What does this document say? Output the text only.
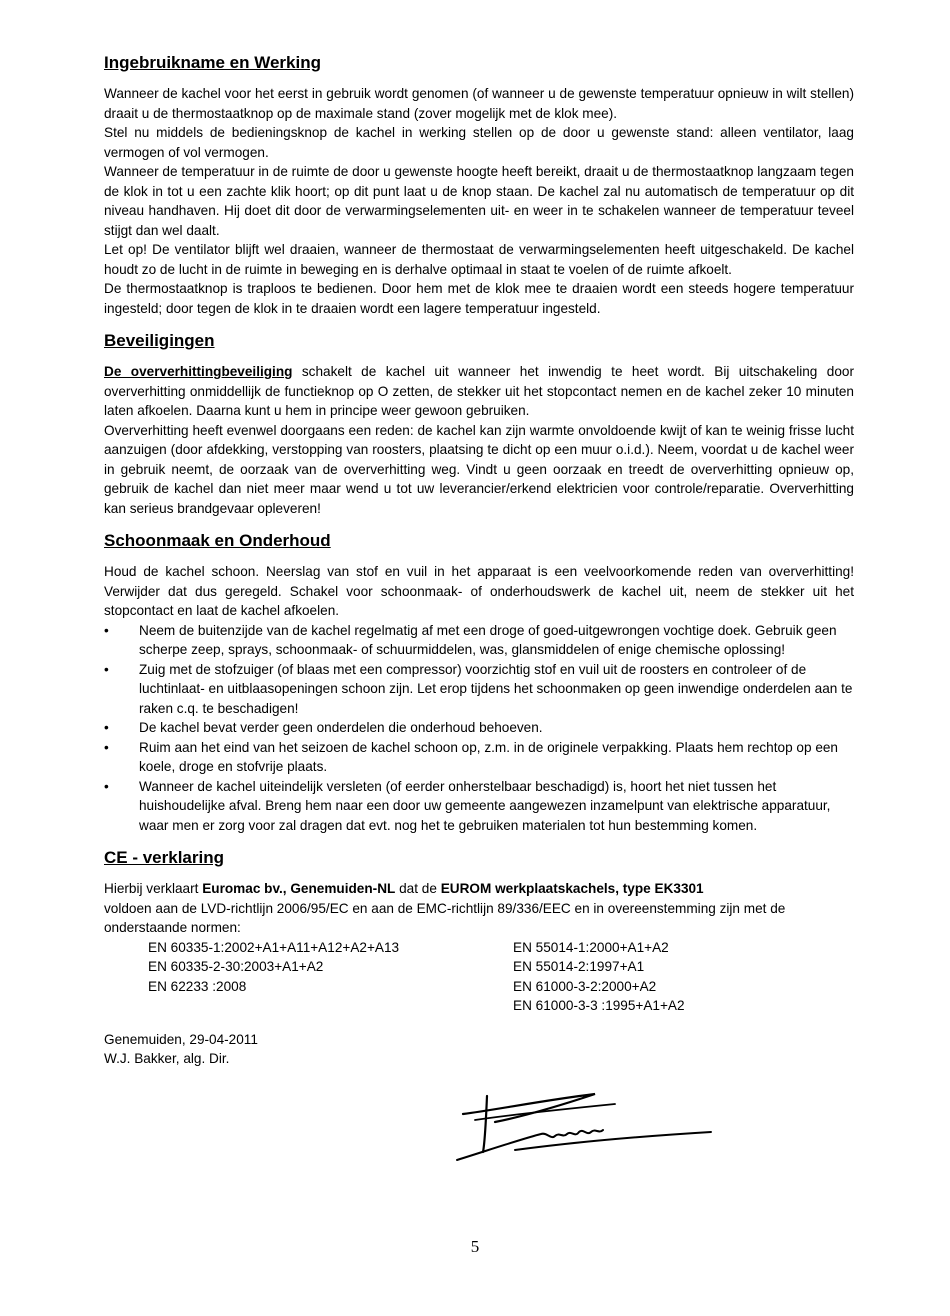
Ingebruikname en Werking

Wanneer de kachel voor het eerst in gebruik wordt genomen (of wanneer u de gewenste temperatuur opnieuw in wilt stellen) draait u de thermostaatknop op de maximale stand (zover mogelijk met de klok mee).

Stel nu middels de bedieningsknop de kachel in werking stellen op de door u gewenste stand: alleen ventilator, laag vermogen of vol vermogen.

Wanneer de temperatuur in de ruimte de door u gewenste hoogte heeft bereikt, draait u de thermostaatknop langzaam tegen de klok in tot u een zachte klik hoort; op dit punt laat u de knop staan. De kachel zal nu automatisch de temperatuur op dit niveau handhaven. Hij doet dit door de verwarmingselementen uit- en weer in te schakelen wanneer de temperatuur teveel stijgt dan wel daalt.

Let op! De ventilator blijft wel draaien, wanneer de thermostaat de verwarmingselementen heeft uitgeschakeld. De kachel houdt zo de lucht in de ruimte in beweging en is derhalve optimaal in staat te voelen of de ruimte afkoelt.

De thermostaatknop is traploos te bedienen. Door hem met de klok mee te draaien wordt een steeds hogere temperatuur ingesteld; door tegen de klok in te draaien wordt een lagere temperatuur ingesteld.

Beveiligingen

De oververhittingbeveiliging schakelt de kachel uit wanneer het inwendig te heet wordt. Bij uitschakeling door oververhitting onmiddellijk de functieknop op O zetten, de stekker uit het stopcontact nemen en de kachel zeker 10 minuten laten afkoelen. Daarna kunt u hem in principe weer gewoon gebruiken.

Oververhitting heeft evenwel doorgaans een reden: de kachel kan zijn warmte onvoldoende kwijt of kan te weinig frisse lucht aanzuigen (door afdekking, verstopping van roosters, plaatsing te dicht op een muur o.i.d.). Neem, voordat u de kachel weer in gebruik neemt, de oorzaak van de oververhitting weg. Vindt u geen oorzaak en treedt de oververhitting opnieuw op, gebruik de kachel dan niet meer maar wend u tot uw leverancier/erkend elektricien voor controle/reparatie. Oververhitting kan serieus brandgevaar opleveren!

Schoonmaak en Onderhoud

Houd de kachel schoon. Neerslag van stof en vuil in het apparaat is een veelvoorkomende reden van oververhitting! Verwijder dat dus geregeld. Schakel voor schoonmaak- of onderhoudswerk de kachel uit, neem de stekker uit het stopcontact en laat de kachel afkoelen.

• Neem de buitenzijde van de kachel regelmatig af met een droge of goed-uitgewrongen vochtige doek. Gebruik geen scherpe zeep, sprays, schoonmaak- of schuurmiddelen, was, glansmiddelen of enige chemische oplossing!
• Zuig met de stofzuiger (of blaas met een compressor) voorzichtig stof en vuil uit de roosters en controleer of de luchtinlaat- en uitblaasopeningen schoon zijn. Let erop tijdens het schoonmaken op geen inwendige onderdelen aan te raken c.q. te beschadigen!
• De kachel bevat verder geen onderdelen die onderhoud behoeven.
• Ruim aan het eind van het seizoen de kachel schoon op, z.m. in de originele verpakking. Plaats hem rechtop op een koele, droge en stofvrije plaats.
• Wanneer de kachel uiteindelijk versleten (of eerder onherstelbaar beschadigd) is, hoort het niet tussen het huishoudelijke afval. Breng hem naar een door uw gemeente aangewezen inzamelpunt van elektrische apparatuur, waar men er zorg voor zal dragen dat evt. nog het te gebruiken materialen tot hun bestemming komen.
CE - verklaring

Hierbij verklaart Euromac bv., Genemuiden-NL dat de EUROM werkplaatskachels, type EK3301

voldoen aan de LVD-richtlijn 2006/95/EC en aan de EMC-richtlijn 89/336/EEC en in overeenstemming zijn met de onderstaande normen:

EN 60335-1:2002+A1+A11+A12+A2+A13
EN 60335-2-30:2003+A1+A2
EN 62233 :2008
EN 55014-1:2000+A1+A2
EN 55014-2:1997+A1
EN 61000-3-2:2000+A2
EN 61000-3-3 :1995+A1+A2
Genemuiden, 29-04-2011
W.J. Bakker, alg. Dir.
5
